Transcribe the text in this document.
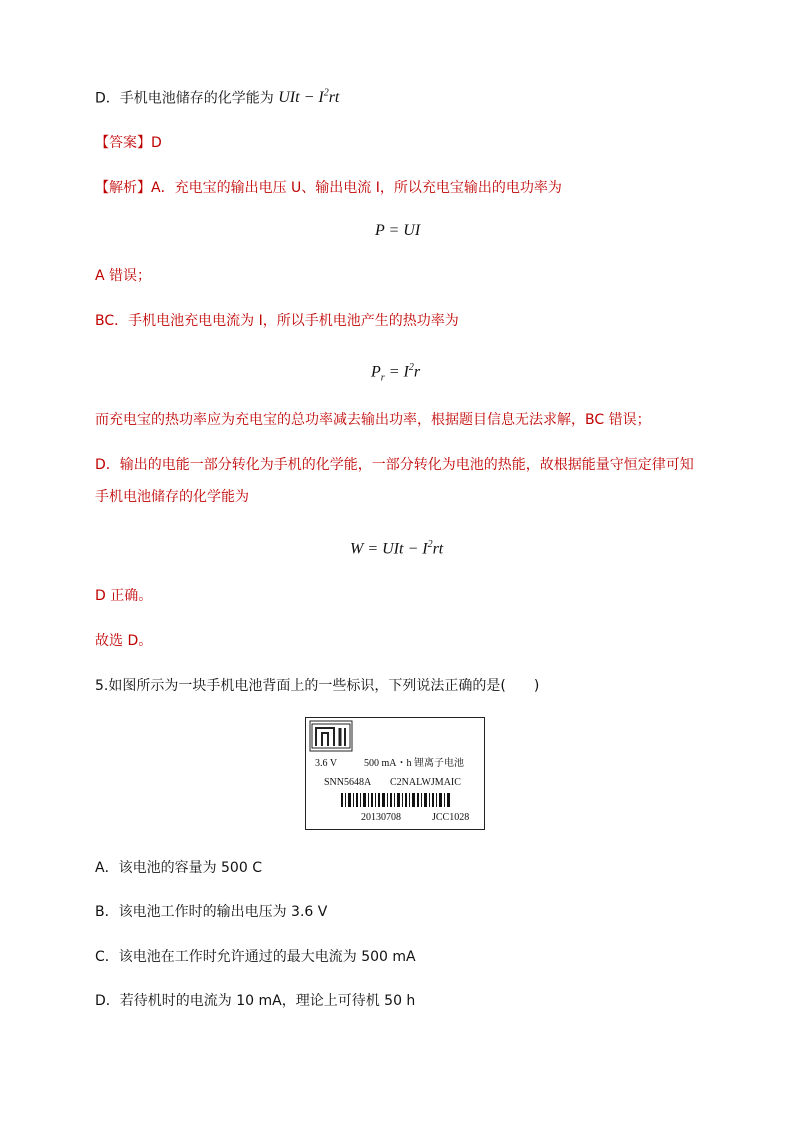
D．手机电池储存的化学能为 UIt − $I^2rt$
【答案】D
【解析】A．充电宝的输出电压 U、输出电流 I，所以充电宝输出的电功率为
P = UI
A 错误；
BC．手机电池充电电流为 I，所以手机电池产生的热功率为
$P_r = I^2r$
而充电宝的热功率应为充电宝的总功率减去输出功率，根据题目信息无法求解，BC 错误；
D．输出的电能一部分转化为手机的化学能，一部分转化为电池的热能，故根据能量守恒定律可知
手机电池储存的化学能为
W = UIt − $I^2rt$
D 正确。
故选 D。
5.如图所示为一块手机电池背面上的一些标识，下列说法正确的是(　　)
3.6 V	500 mA・h 锂离子电池
SNN5648A C2NALWJMAIC
20130708	JCC1028
A．该电池的容量为 500 C
B．该电池工作时的输出电压为 3.6 V
C．该电池在工作时允许通过的最大电流为 500 mA
D．若待机时的电流为 10 mA，理论上可待机 50 h
